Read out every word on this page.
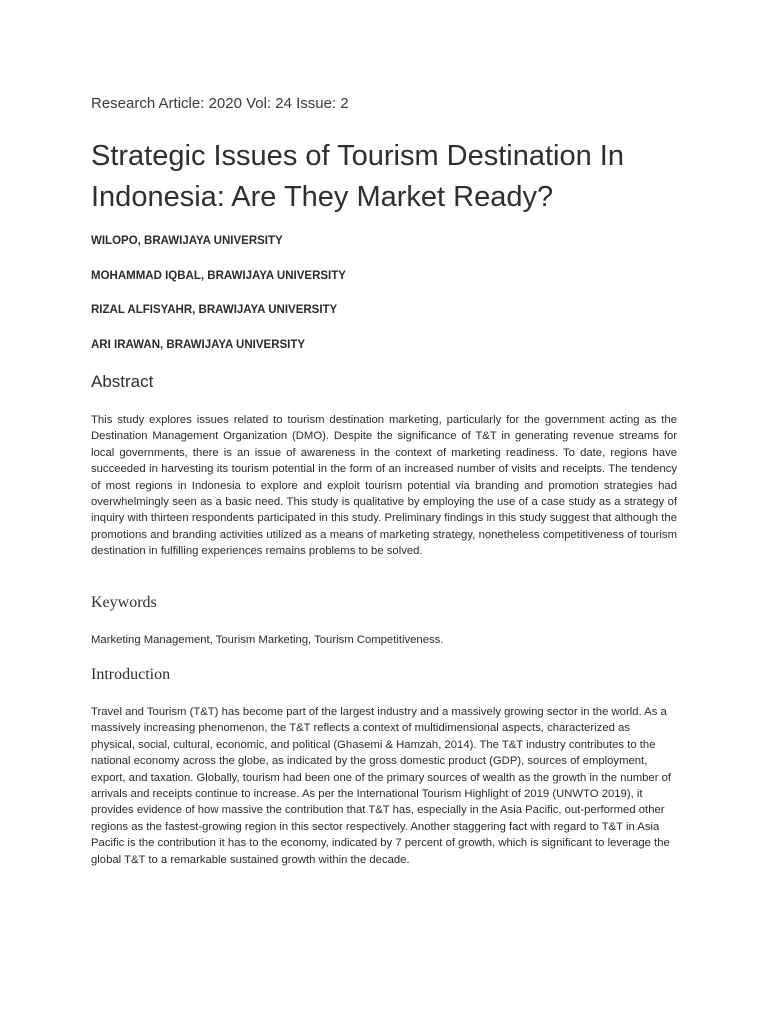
Research Article: 2020 Vol: 24 Issue: 2
Strategic Issues of Tourism Destination In Indonesia: Are They Market Ready?
WILOPO, BRAWIJAYA UNIVERSITY
MOHAMMAD IQBAL, BRAWIJAYA UNIVERSITY
RIZAL ALFISYAHR, BRAWIJAYA UNIVERSITY
ARI IRAWAN, BRAWIJAYA UNIVERSITY
Abstract

This study explores issues related to tourism destination marketing, particularly for the government acting as the Destination Management Organization (DMO). Despite the significance of T&T in generating revenue streams for local governments, there is an issue of awareness in the context of marketing readiness. To date, regions have succeeded in harvesting its tourism potential in the form of an increased number of visits and receipts. The tendency of most regions in Indonesia to explore and exploit tourism potential via branding and promotion strategies had overwhelmingly seen as a basic need. This study is qualitative by employing the use of a case study as a strategy of inquiry with thirteen respondents participated in this study. Preliminary findings in this study suggest that although the promotions and branding activities utilized as a means of marketing strategy, nonetheless competitiveness of tourism destination in fulfilling experiences remains problems to be solved.

Keywords

Marketing Management, Tourism Marketing, Tourism Competitiveness.

Introduction

Travel and Tourism (T&T) has become part of the largest industry and a massively growing sector in the world. As a massively increasing phenomenon, the T&T reflects a context of multidimensional aspects, characterized as physical, social, cultural, economic, and political (Ghasemi & Hamzah, 2014). The T&T industry contributes to the national economy across the globe, as indicated by the gross domestic product (GDP), sources of employment, export, and taxation. Globally, tourism had been one of the primary sources of wealth as the growth in the number of arrivals and receipts continue to increase. As per the International Tourism Highlight of 2019 (UNWTO 2019), it provides evidence of how massive the contribution that T&T has, especially in the Asia Pacific, out-performed other regions as the fastest-growing region in this sector respectively. Another staggering fact with regard to T&T in Asia Pacific is the contribution it has to the economy, indicated by 7 percent of growth, which is significant to leverage the global T&T to a remarkable sustained growth within the decade.
